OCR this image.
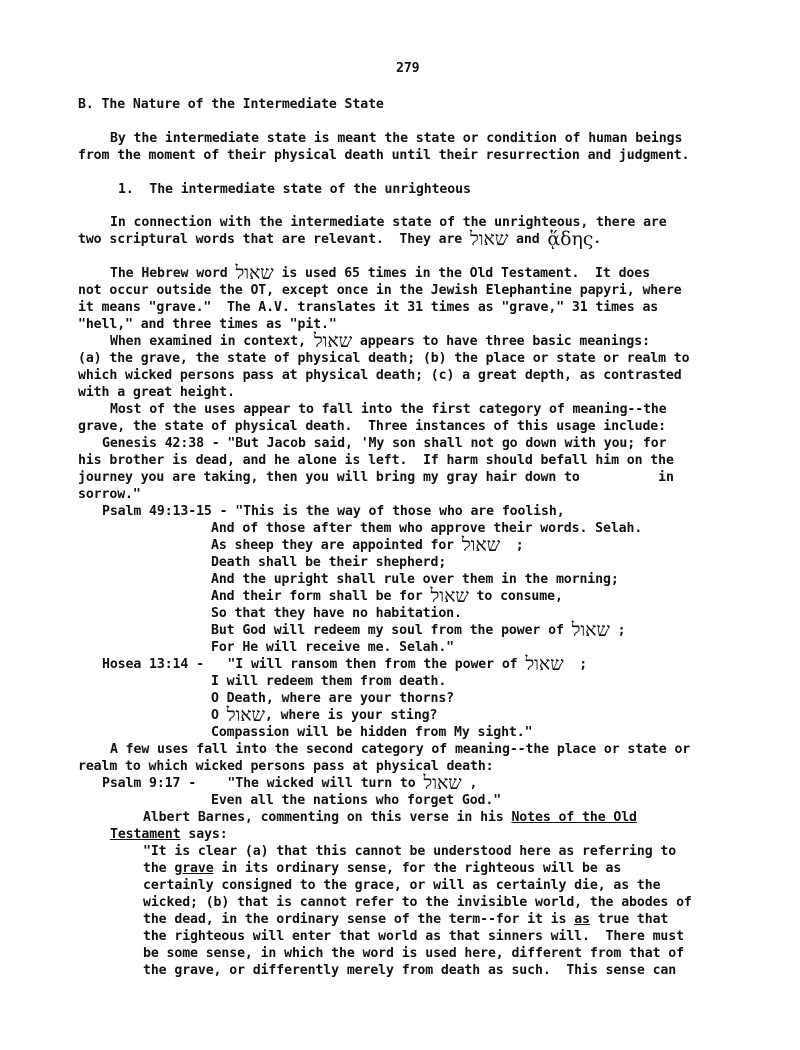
279
B. The Nature of the Intermediate State
By the intermediate state is meant the state or condition of human beings
from the moment of their physical death until their resurrection and judgment.
1.  The intermediate state of the unrighteous
In connection with the intermediate state of the unrighteous, there are
two scriptural words that are relevant.  They are שאול and ᾅδης.
The Hebrew word שאול is used 65 times in the Old Testament.  It does
not occur outside the OT, except once in the Jewish Elephantine papyri, where
it means "grave."  The A.V. translates it 31 times as "grave," 31 times as
"hell," and three times as "pit."
When examined in context, שאול appears to have three basic meanings:
(a) the grave, the state of physical death; (b) the place or state or realm to
which wicked persons pass at physical death; (c) a great depth, as contrasted
with a great height.
Most of the uses appear to fall into the first category of meaning--the
grave, the state of physical death.  Three instances of this usage include:
Genesis 42:38 - "But Jacob said, 'My son shall not go down with you; for
his brother is dead, and he alone is left.  If harm should befall him on the
journey you are taking, then you will bring my gray hair down to          in
sorrow."
Psalm 49:13-15 - "This is the way of those who are foolish,
And of those after them who approve their words. Selah.
As sheep they are appointed for שאול  ;
Death shall be their shepherd;
And the upright shall rule over them in the morning;
And their form shall be for שאול to consume,
So that they have no habitation.
But God will redeem my soul from the power of שאול ;
For He will receive me. Selah."
Hosea 13:14 -   "I will ransom then from the power of שאול  ;
I will redeem them from death.
O Death, where are your thorns?
O שאול, where is your sting?
Compassion will be hidden from My sight."
A few uses fall into the second category of meaning--the place or state or
realm to which wicked persons pass at physical death:
Psalm 9:17 -    "The wicked will turn to שאול ,
Even all the nations who forget God."
Albert Barnes, commenting on this verse in his Notes of the Old
Testament says:
"It is clear (a) that this cannot be understood here as referring to
the grave in its ordinary sense, for the righteous will be as
certainly consigned to the grace, or will as certainly die, as the
wicked; (b) that is cannot refer to the invisible world, the abodes of
the dead, in the ordinary sense of the term--for it is as true that
the righteous will enter that world as that sinners will.  There must
be some sense, in which the word is used here, different from that of
the grave, or differently merely from death as such.  This sense can
